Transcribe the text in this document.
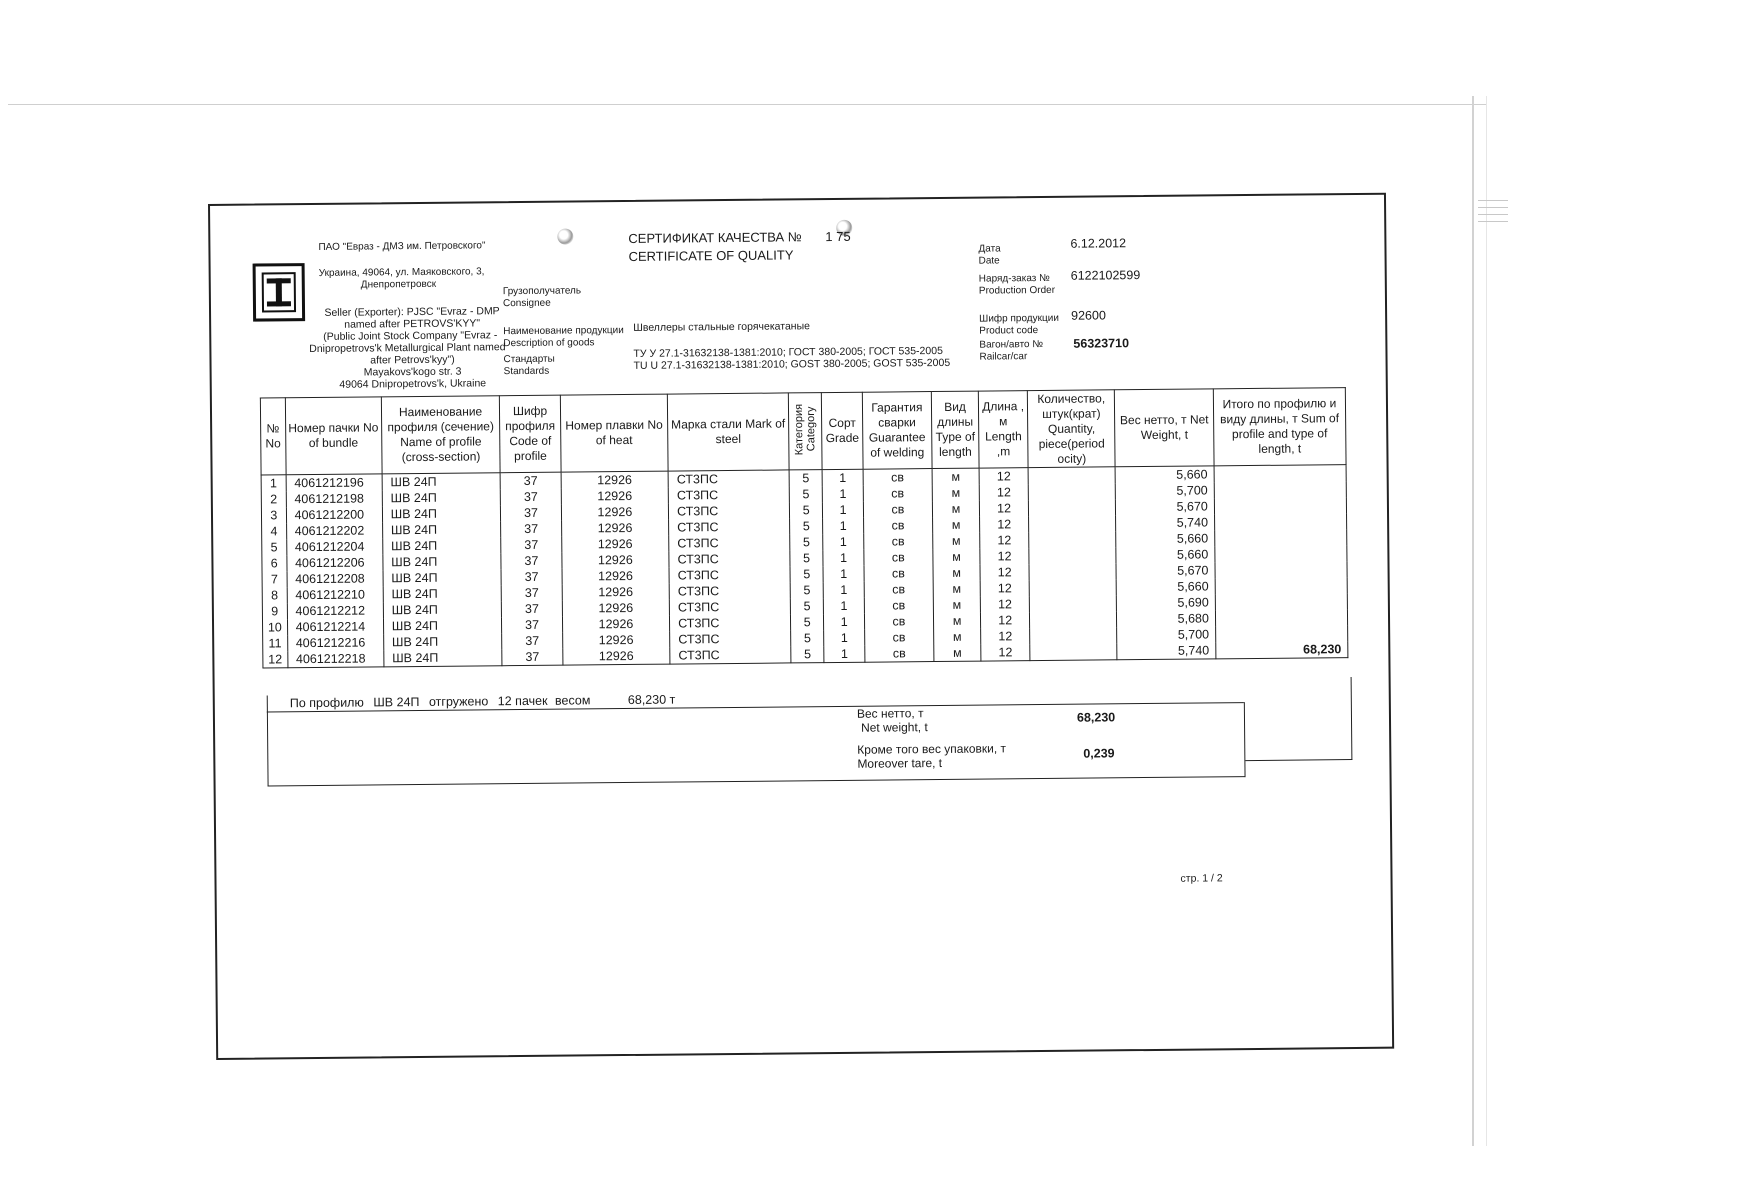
ПАО "Евраз - ДМЗ им. Петровского"
Украина, 49064, ул. Маяковского, 3,
Днепропетровск
Seller (Exporter): PJSC "Evraz - DMP
named after PETROVS'KYY"
(Public Joint Stock Company "Evraz -
Dnipropetrovs'k Metallurgical Plant named
after Petrovs'kyy")
Mayakovs'kogo str. 3
49064 Dnipropetrovs'k, Ukraine
СЕРТИФИКАТ КАЧЕСТВА № 1 75
CERTIFICATE OF QUALITY
Грузополучатель
Consignee
Наименование продукции
Description of goods
Швеллеры стальные горячекатаные
Стандарты
Standards
ТУ У 27.1-31632138-1381:2010; ГОСТ 380-2005; ГОСТ 535-2005
TU U 27.1-31632138-1381:2010; GOST 380-2005; GOST 535-2005
Дата
Date
6.12.2012
Наряд-заказ №
Production Order
6122102599
Шифр продукции
Product code
92600
Вагон/авто №
Railcar/car
56323710
№ No	Номер пачки No of bundle	Наименование профиля (сечение) Name of profile (cross-section)	Шифр профиля Code of profile	Номер плавки No of heat	Марка стали Mark of steel	Категория Category	Сорт Grade	Гарантия сварки Guarantee of welding	Вид длины Type of length	Длина , м Length ,m	Количество, штук(крат) Quantity, piece(period ocity)	Вес нетто, т Net Weight, t	Итого по профилю и виду длины, т Sum of profile and type of length, t
1	4061212196	ШВ 24П	37	12926	СТ3ПС	5	1	св	м	12		5,660	
2	4061212198	ШВ 24П	37	12926	СТ3ПС	5	1	св	м	12		5,700	
3	4061212200	ШВ 24П	37	12926	СТ3ПС	5	1	св	м	12		5,670	
4	4061212202	ШВ 24П	37	12926	СТ3ПС	5	1	св	м	12		5,740	
5	4061212204	ШВ 24П	37	12926	СТ3ПС	5	1	св	м	12		5,660	
6	4061212206	ШВ 24П	37	12926	СТ3ПС	5	1	св	м	12		5,660	
7	4061212208	ШВ 24П	37	12926	СТ3ПС	5	1	св	м	12		5,670	
8	4061212210	ШВ 24П	37	12926	СТ3ПС	5	1	св	м	12		5,660	
9	4061212212	ШВ 24П	37	12926	СТ3ПС	5	1	св	м	12		5,690	
10	4061212214	ШВ 24П	37	12926	СТ3ПС	5	1	св	м	12		5,680	
11	4061212216	ШВ 24П	37	12926	СТ3ПС	5	1	св	м	12		5,700	
12	4061212218	ШВ 24П	37	12926	СТ3ПС	5	1	св	м	12		5,740	68,230
По профилю ШВ 24П отгружено 12 пачек весом	68,230 т
Вес нетто, т
Net weight, t
68,230
Кроме того вес упаковки, т
Moreover tare, t
0,239
стр. 1 / 2
